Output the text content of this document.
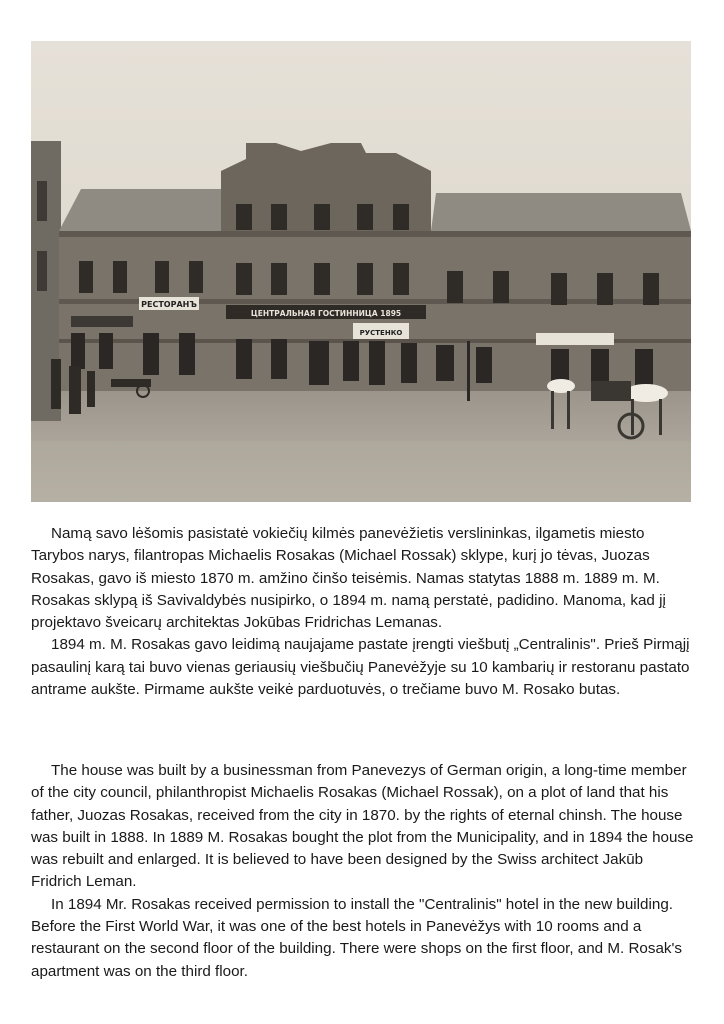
РЕСТОРАНЪ
ЦЕНТРАЛЬНАЯ ГОСТИННИЦА 1895
РУСТЕНКО

Namą savo lėšomis pasistatė vokiečių kilmės panevėžietis verslininkas, ilgametis miesto Tarybos narys, filantropas Michaelis Rosakas (Michael Rossak) sklype, kurį jo tėvas, Juozas Rosakas, gavo iš miesto 1870 m. amžino činšo teisėmis. Namas statytas 1888 m. 1889 m. M. Rosakas sklypą iš Savivaldybės nusipirko, o 1894 m. namą perstatė, padidino. Manoma, kad jį projektavo šveicarų architektas Jokūbas Fridrichas Lemanas.

1894 m. M. Rosakas gavo leidimą naujajame pastate įrengti viešbutį „Centralinis". Prieš Pirmąjį pasaulinį karą tai buvo vienas geriausių viešbučių Panevėžyje su 10 kambarių ir restoranu pastato antrame aukšte. Pirmame aukšte veikė parduotuvės, o trečiame buvo M. Rosako butas.

The house was built by a businessman from Panevezys of German origin, a long-time member of the city council, philanthropist Michaelis Rosakas (Michael Rossak), on a plot of land that his father, Juozas Rosakas, received from the city in 1870. by the rights of eternal chinsh. The house was built in 1888. In 1889 M. Rosakas bought the plot from the Municipality, and in 1894 the house was rebuilt and enlarged. It is believed to have been designed by the Swiss architect Jakūb Fridrich Leman.

In 1894 Mr. Rosakas received permission to install the "Centralinis" hotel in the new building. Before the First World War, it was one of the best hotels in Panevėžys with 10 rooms and a restaurant on the second floor of the building. There were shops on the first floor, and M. Rosak's apartment was on the third floor.
